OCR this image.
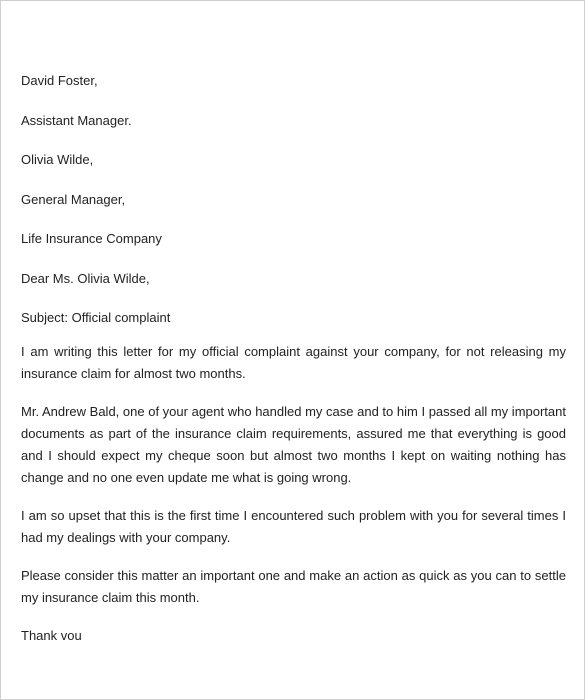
David Foster,

Assistant Manager.

Olivia Wilde,

General Manager,

Life Insurance Company

Dear Ms. Olivia Wilde,

Subject: Official complaint

I am writing this letter for my official complaint against your company, for not releasing my insurance claim for almost two months.

Mr. Andrew Bald, one of your agent who handled my case and to him I passed all my important documents as part of the insurance claim requirements, assured me that everything is good and I should expect my cheque soon but almost two months I kept on waiting nothing has change and no one even update me what is going wrong.

I am so upset that this is the first time I encountered such problem with you for several times I had my dealings with your company.

Please consider this matter an important one and make an action as quick as you can to settle my insurance claim this month.

Thank vou
